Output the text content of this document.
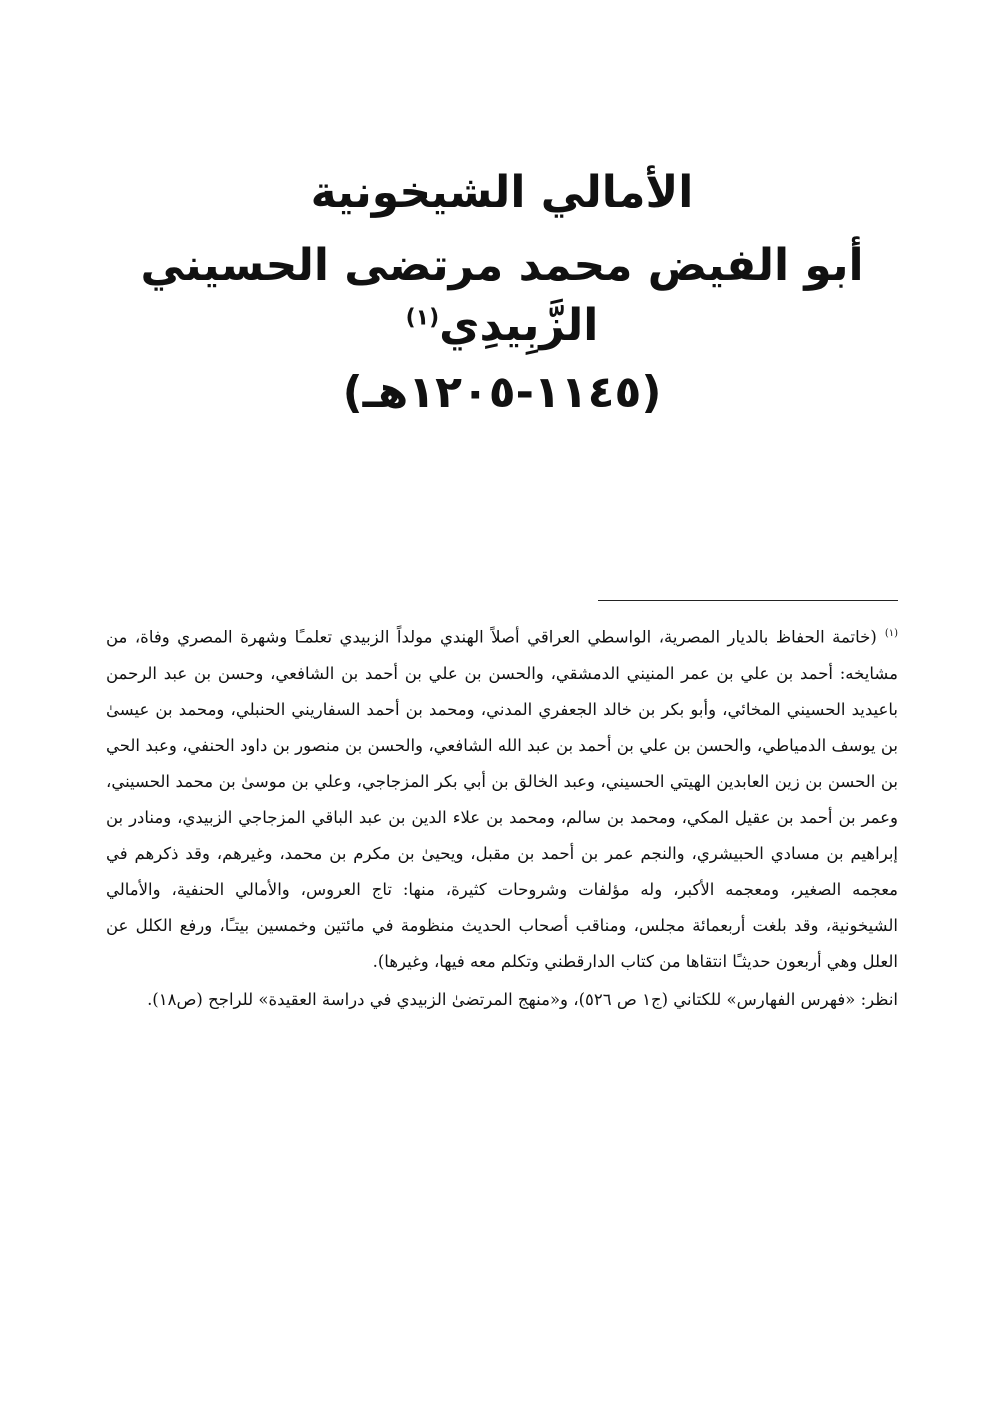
الأمالي الشيخونية
أبو الفيض محمد مرتضى الحسيني
الزَّبِيدِي$^{(١)}$
(١١٤٥-١٢٠٥هـ)

$^{(١)}$(خاتمة الحفاظ بالديار المصرية، الواسطي العراقي أصلاً الهندي مولداً الزبيدي تعلمـًا وشهرة المصري وفاة، من مشايخه: أحمد بن علي بن عمر المنيني الدمشقي، والحسن بن علي بن أحمد بن الشافعي، وحسن بن عبد الرحمن باعيديد الحسيني المخائي، وأبو بكر بن خالد الجعفري المدني، ومحمد بن أحمد السفاريني الحنبلي، ومحمد بن عيسىٰ بن يوسف الدمياطي، والحسن بن علي بن أحمد بن عبد الله الشافعي، والحسن بن منصور بن داود الحنفي، وعبد الحي بن الحسن بن زين العابدين الهيتي الحسيني، وعبد الخالق بن أبي بكر المزجاجي، وعلي بن موسىٰ بن محمد الحسيني، وعمر بن أحمد بن عقيل المكي، ومحمد بن سالم، ومحمد بن علاء الدين بن عبد الباقي المزجاجي الزبيدي، ومنادر بن إبراهيم بن مسادي الحبيشري، والنجم عمر بن أحمد بن مقبل، ويحيىٰ بن مكرم بن محمد، وغيرهم، وقد ذكرهم في معجمه الصغير، ومعجمه الأكبر، وله مؤلفات وشروحات كثيرة، منها: تاج العروس، والأمالي الحنفية، والأمالي الشيخونية، وقد بلغت أربعمائة مجلس، ومناقب أصحاب الحديث منظومة في مائتين وخمسين بيتـًا، ورفع الكلل عن العلل وهي أربعون حديثـًا انتقاها من كتاب الدارقطني وتكلم معه فيها، وغيرها).

انظر: «فهرس الفهارس» للكتاني (ج١ ص ٥٢٦)، و«منهج المرتضىٰ الزبيدي في دراسة العقيدة» للراجح (ص١٨).
